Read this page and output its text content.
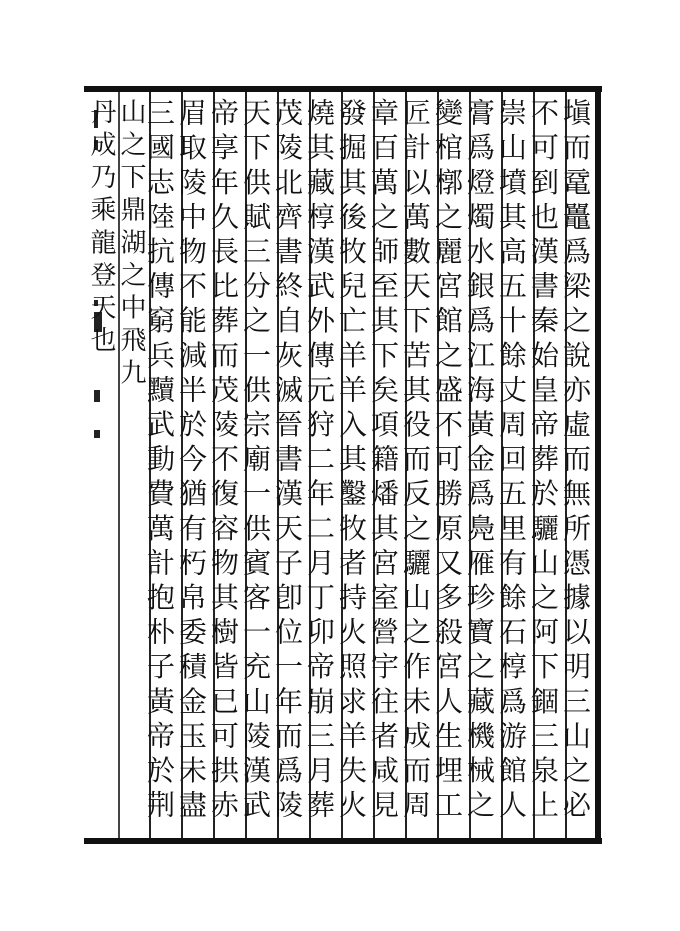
塡而鼋鼉爲梁之說亦虛而無所憑據以明三山之必
不可到也漢書秦始皇帝葬於驪山之阿下錮三泉上
崇山墳其高五十餘丈周回五里有餘石椁爲游館人
膏爲燈燭水銀爲江海黃金爲鳧雁珍寶之藏機械之
變棺槨之麗宮館之盛不可勝原又多殺宮人生埋工
匠計以萬數天下苦其役而反之驪山之作未成而周
章百萬之師至其下矣項籍燔其宮室營宇往者咸見
發掘其後牧兒亡羊羊入其鑿牧者持火照求羊失火
燒其藏椁漢武外傳元狩二年二月丁卯帝崩三月葬
茂陵北齊書終自灰滅晉書漢天子卽位一年而爲陵
天下供賦三分之一供宗廟一供賓客一充山陵漢武
帝享年久長比葬而茂陵不復容物其樹皆已可拱赤
眉取陵中物不能減半於今猶有朽帛委積金玉未盡
三國志陸抗傳窮兵黷武動費萬計抱朴子黃帝於荆
山之下鼎湖之中飛九
丹成乃乘龍登天也
